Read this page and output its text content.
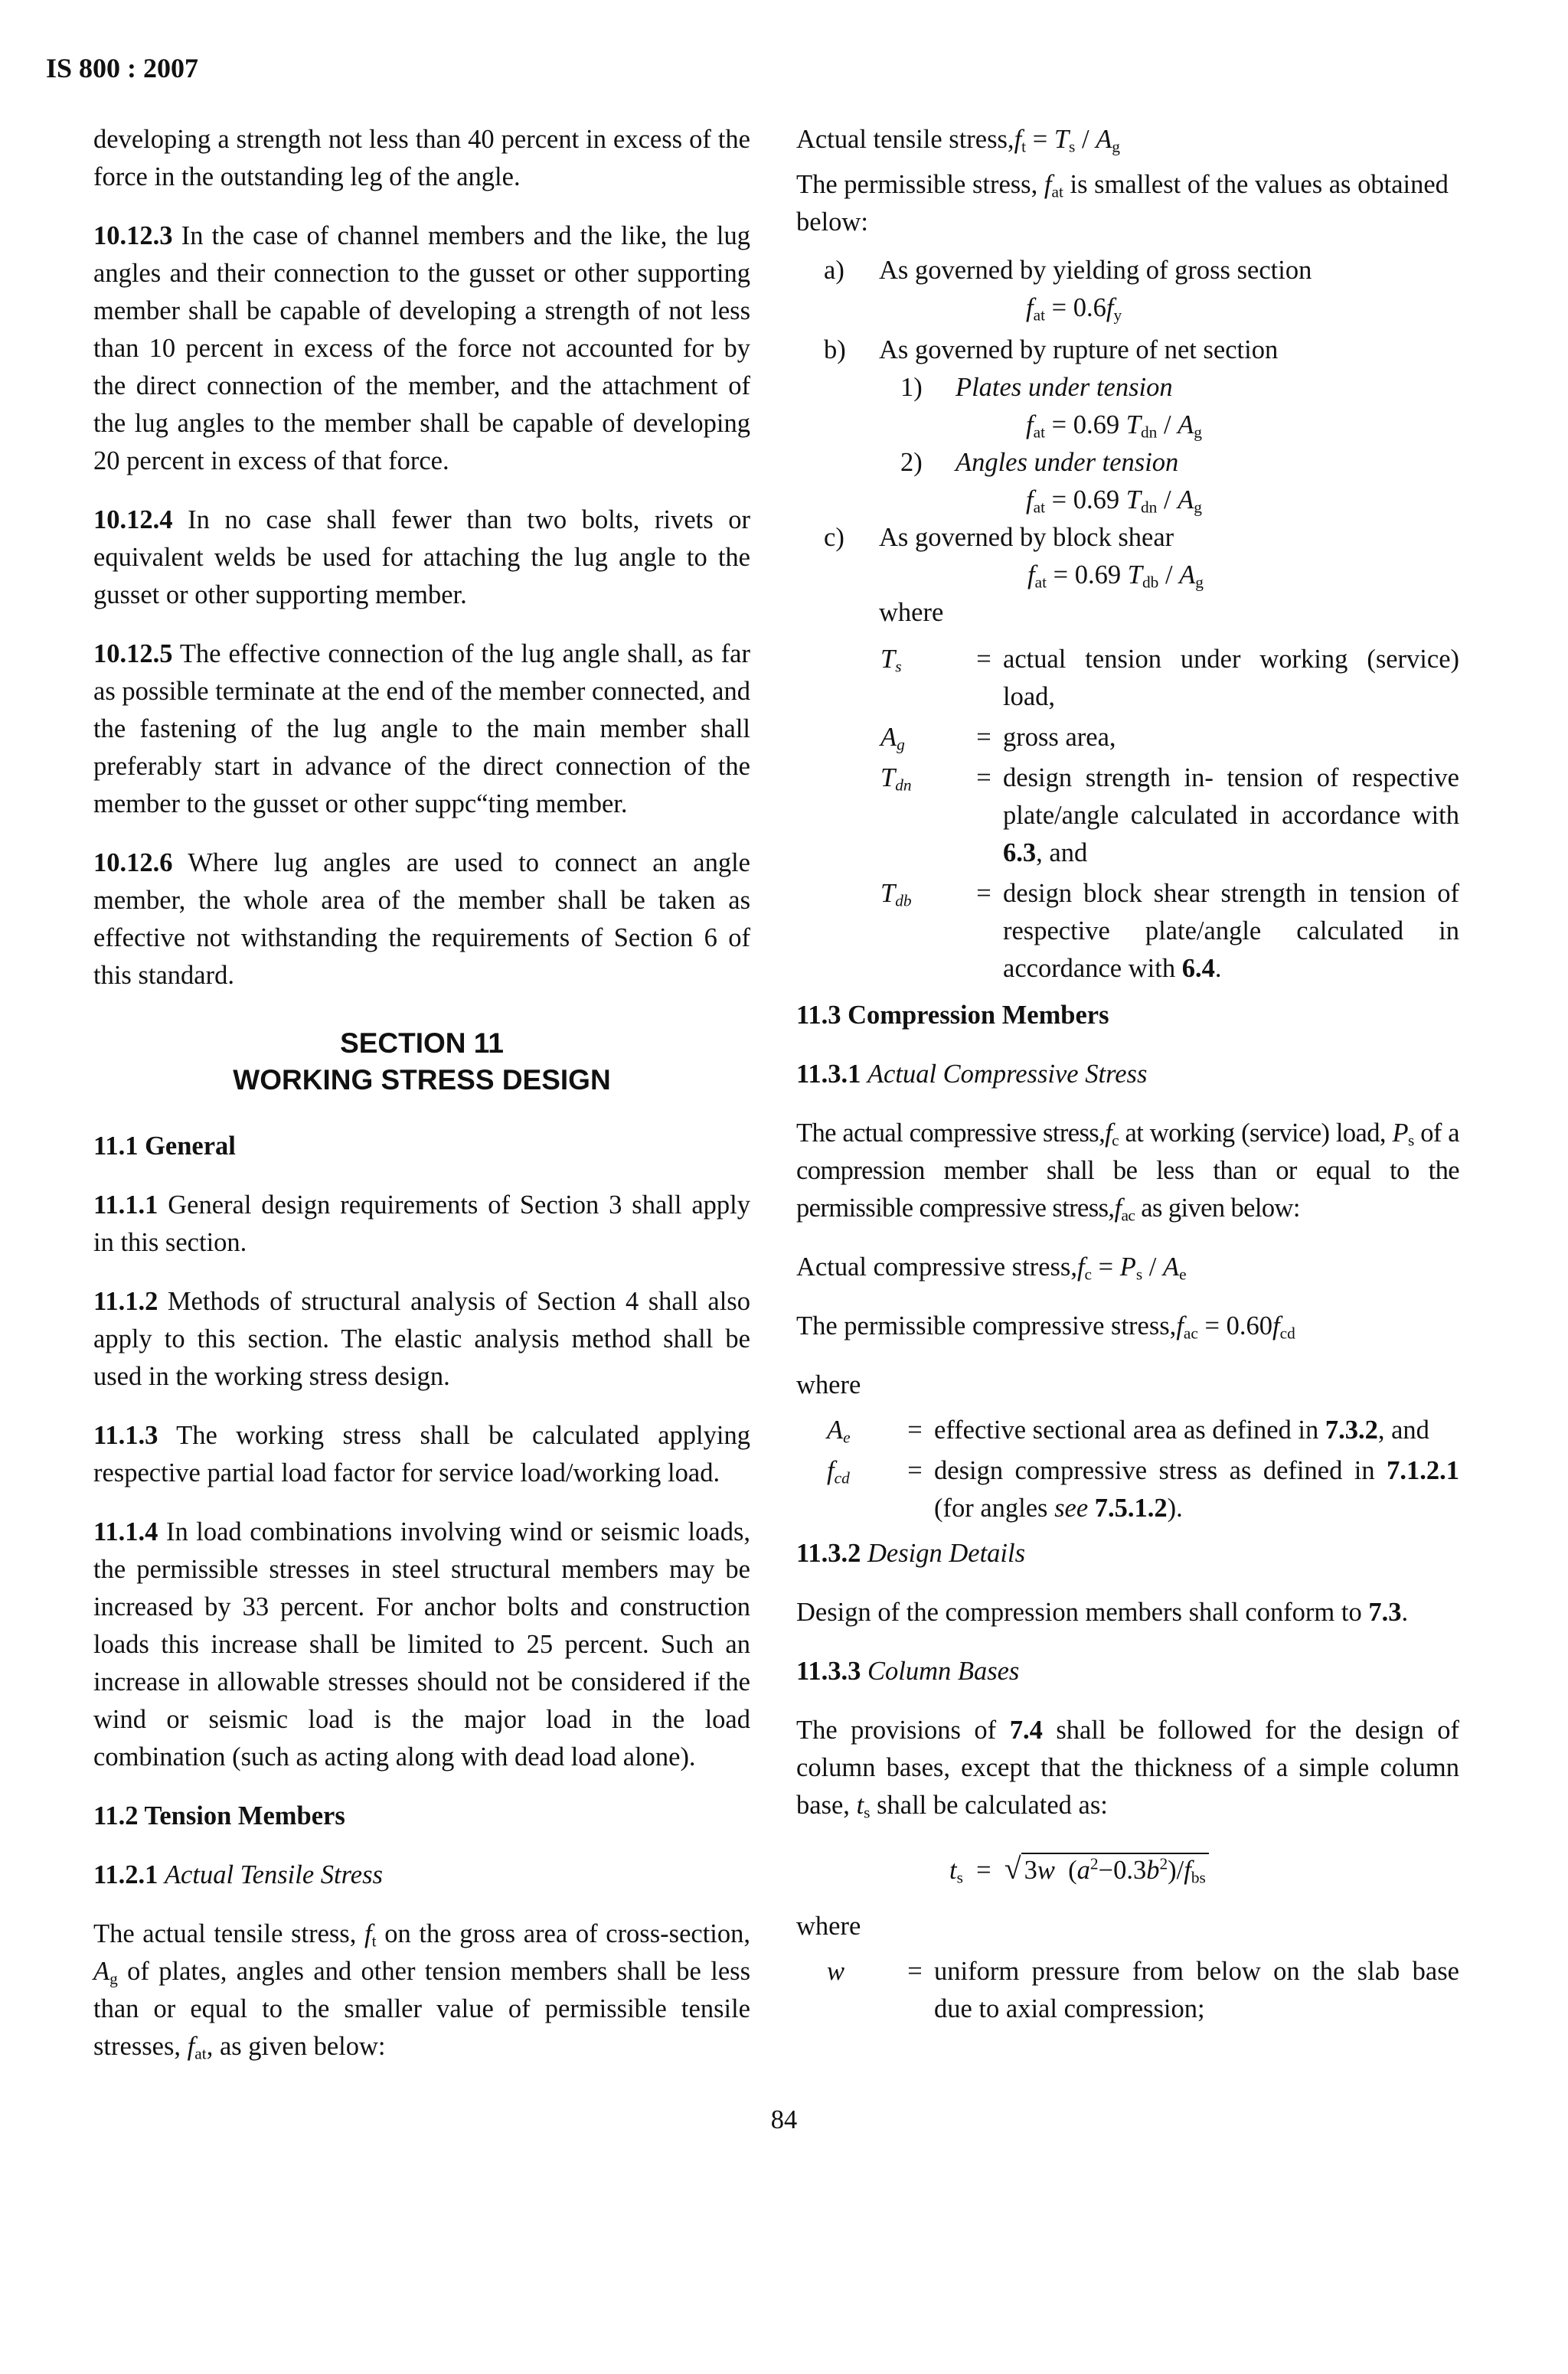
IS 800 : 2007

developing a strength not less than 40 percent in excess of the force in the outstanding leg of the angle.

10.12.3 In the case of channel members and the like, the lug angles and their connection to the gusset or other supporting member shall be capable of developing a strength of not less than 10 percent in excess of the force not accounted for by the direct connection of the member, and the attachment of the lug angles to the member shall be capable of developing 20 percent in excess of that force.

10.12.4 In no case shall fewer than two bolts, rivets or equivalent welds be used for attaching the lug angle to the gusset or other supporting member.

10.12.5 The effective connection of the lug angle shall, as far as possible terminate at the end of the member connected, and the fastening of the lug angle to the main member shall preferably start in advance of the direct connection of the member to the gusset or other suppc“ting member.

10.12.6 Where lug angles are used to connect an angle member, the whole area of the member shall be taken as effective not withstanding the requirements of Section 6 of this standard.

SECTION 11
WORKING STRESS DESIGN

11.1 General

11.1.1 General design requirements of Section 3 shall apply in this section.

11.1.2 Methods of structural analysis of Section 4 shall also apply to this section. The elastic analysis method shall be used in the working stress design.

11.1.3 The working stress shall be calculated applying respective partial load factor for service load/working load.

11.1.4 In load combinations involving wind or seismic loads, the permissible stresses in steel structural members may be increased by 33 percent. For anchor bolts and construction loads this increase shall be limited to 25 percent. Such an increase in allowable stresses should not be considered if the wind or seismic load is the major load in the load combination (such as acting along with dead load alone).

11.2 Tension Members

11.2.1 Actual Tensile Stress

The actual tensile stress, $f_t$ on the gross area of cross-section, $A_g$ of plates, angles and other tension members shall be less than or equal to the smaller value of permissible tensile stresses, $f_{at}$, as given below:

Actual tensile $stress,f_t = T_s / A_g$

The permissible stress, $f_{at}$ is smallest of the values as obtained below:

a) As governed by yielding of gross section
$f_{at} = 0.6f_y$
b) As governed by rupture of net section
1) Plates under tension
$f_{at} = 0.69$ $T_{dn} / A_g$
2) Angles under tension
$f_{at} = 0.69$ $T_{dn} / A_g$
c) As governed by block shear
$f_{at} = 0.69$ $T_{db} / A_g$
where
$T_s$	= actual tension under working (service) load,
$A_g$	= gross area,
$T_{dn}$	= design strength in- tension of respective plate/angle calculated in accordance with 6.3, and
$T_{db}$	= design block shear strength in tension of respective plate/angle calculated in accordance with 6.4.

11.3 Compression Members

11.3.1 Actual Compressive Stress

The actual compressive $stress,f_c$ at working (service) load, $P_s$ of a compression member shall be less than or equal to the permissible compressive $stress,f_{ac}$ as given below:

Actual compressive $stress,f_c = P_s / A_e$

The permissible compressive $stress,f_{ac} = 0.60f_{cd}$

where
$A_e$	= effective sectional area as defined in 7.3.2, and
$f_{cd}$	= design compressive stress as defined in 7.1.2.1 (for angles see 7.5.1.2).

11.3.2 Design Details

Design of the compression members shall conform to 7.3.

11.3.3 Column Bases

The provisions of 7.4 shall be followed for the design of column bases, except that the thickness of a simple column base, $t_s$ shall be calculated as:

$t_s$  =  √ 3w  $(a^2-0.3b^2)/f_{bs}$
where
w	= uniform pressure from below on the slab base due to axial compression;
84
